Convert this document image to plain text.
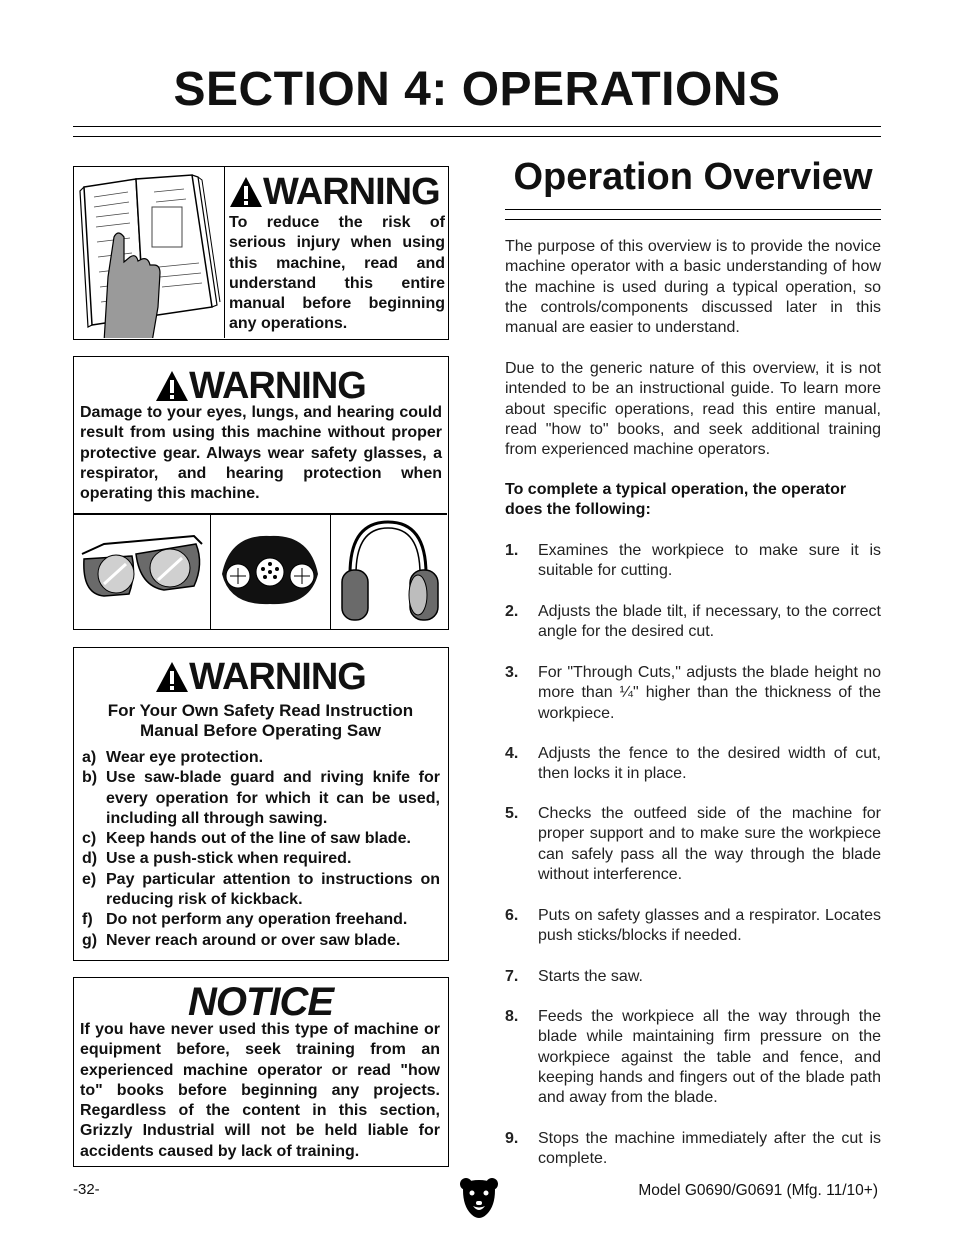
SECTION 4: OPERATIONS
WARNING
To reduce the risk of serious injury when using this machine, read and understand this entire manual before beginning any operations.
WARNING
Damage to your eyes, lungs, and hearing could result from using this machine without proper protective gear. Always wear safety glasses, a respirator, and hearing protection when operating this machine.
WARNING
For Your Own Safety Read Instruction
Manual Before Operating Saw
a) Wear eye protection.
b) Use saw-blade guard and riving knife for every operation for which it can be used, including all through sawing.
c) Keep hands out of the line of saw blade.
d) Use a push-stick when required.
e) Pay particular attention to instructions on reducing risk of kickback.
f) Do not perform any operation freehand.
g) Never reach around or over saw blade.
NOTICE
If you have never used this type of machine or equipment before, seek training from an experienced machine operator or read "how to" books before beginning any projects. Regardless of the content in this section, Grizzly Industrial will not be held liable for accidents caused by lack of training.
Operation Overview
The purpose of this overview is to provide the novice machine operator with a basic understanding of how the machine is used during a typical operation, so the controls/components discussed later in this manual are easier to understand.
Due to the generic nature of this overview, it is not intended to be an instructional guide. To learn more about specific operations, read this entire manual, read "how to" books, and seek additional training from experienced machine operators.
To complete a typical operation, the operator does the following:
1. Examines the workpiece to make sure it is suitable for cutting.
2. Adjusts the blade tilt, if necessary, to the correct angle for the desired cut.
3. For "Through Cuts," adjusts the blade height no more than ¼" higher than the thickness of the workpiece.
4. Adjusts the fence to the desired width of cut, then locks it in place.
5. Checks the outfeed side of the machine for proper support and to make sure the workpiece can safely pass all the way through the blade without interference.
6. Puts on safety glasses and a respirator. Locates push sticks/blocks if needed.
7. Starts the saw.
8. Feeds the workpiece all the way through the blade while maintaining firm pressure on the workpiece against the table and fence, and keeping hands and fingers out of the blade path and away from the blade.
9. Stops the machine immediately after the cut is complete.
-32-	Model G0690/G0691 (Mfg. 11/10+)
